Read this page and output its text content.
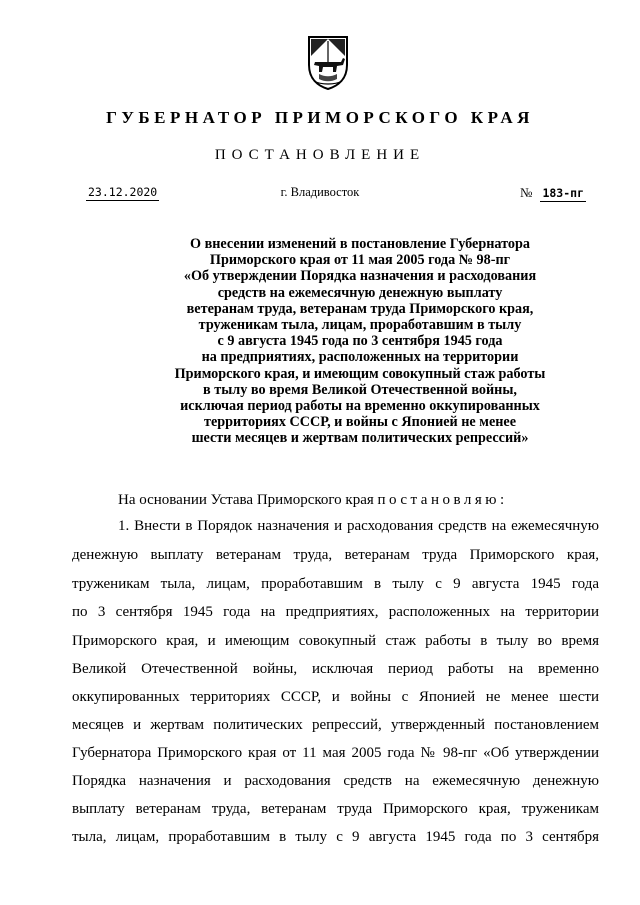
ГУБЕРНАТОР ПРИМОРСКОГО КРАЯ
ПОСТАНОВЛЕНИЕ
23.12.2020	г. Владивосток	№ 183-пг
О внесении изменений в постановление Губернатора
Приморского края от 11 мая 2005 года № 98-пг
«Об утверждении Порядка назначения и расходования
средств на ежемесячную денежную выплату
ветеранам труда, ветеранам труда Приморского края,
труженикам тыла, лицам, проработавшим в тылу
с 9 августа 1945 года по 3 сентября 1945 года
на предприятиях, расположенных на территории
Приморского края, и имеющим совокупный стаж работы
в тылу во время Великой Отечественной войны,
исключая период работы на временно оккупированных
территориях СССР, и войны с Японией не менее
шести месяцев и жертвам политических репрессий»
На основании Устава Приморского края постановляю:
1. Внести в Порядок назначения и расходования средств на ежемесячную
денежную выплату ветеранам труда, ветеранам труда Приморского края,
труженикам тыла, лицам, проработавшим в тылу с 9 августа 1945 года
по 3 сентября 1945 года на предприятиях, расположенных на территории
Приморского края, и имеющим совокупный стаж работы в тылу во время
Великой Отечественной войны, исключая период работы на временно
оккупированных территориях СССР, и войны с Японией не менее шести
месяцев и жертвам политических репрессий, утвержденный постановлением
Губернатора Приморского края от 11 мая 2005 года № 98-пг «Об утверждении
Порядка назначения и расходования средств на ежемесячную денежную
выплату ветеранам труда, ветеранам труда Приморского края, труженикам
тыла, лицам, проработавшим в тылу с 9 августа 1945 года по 3 сентября
